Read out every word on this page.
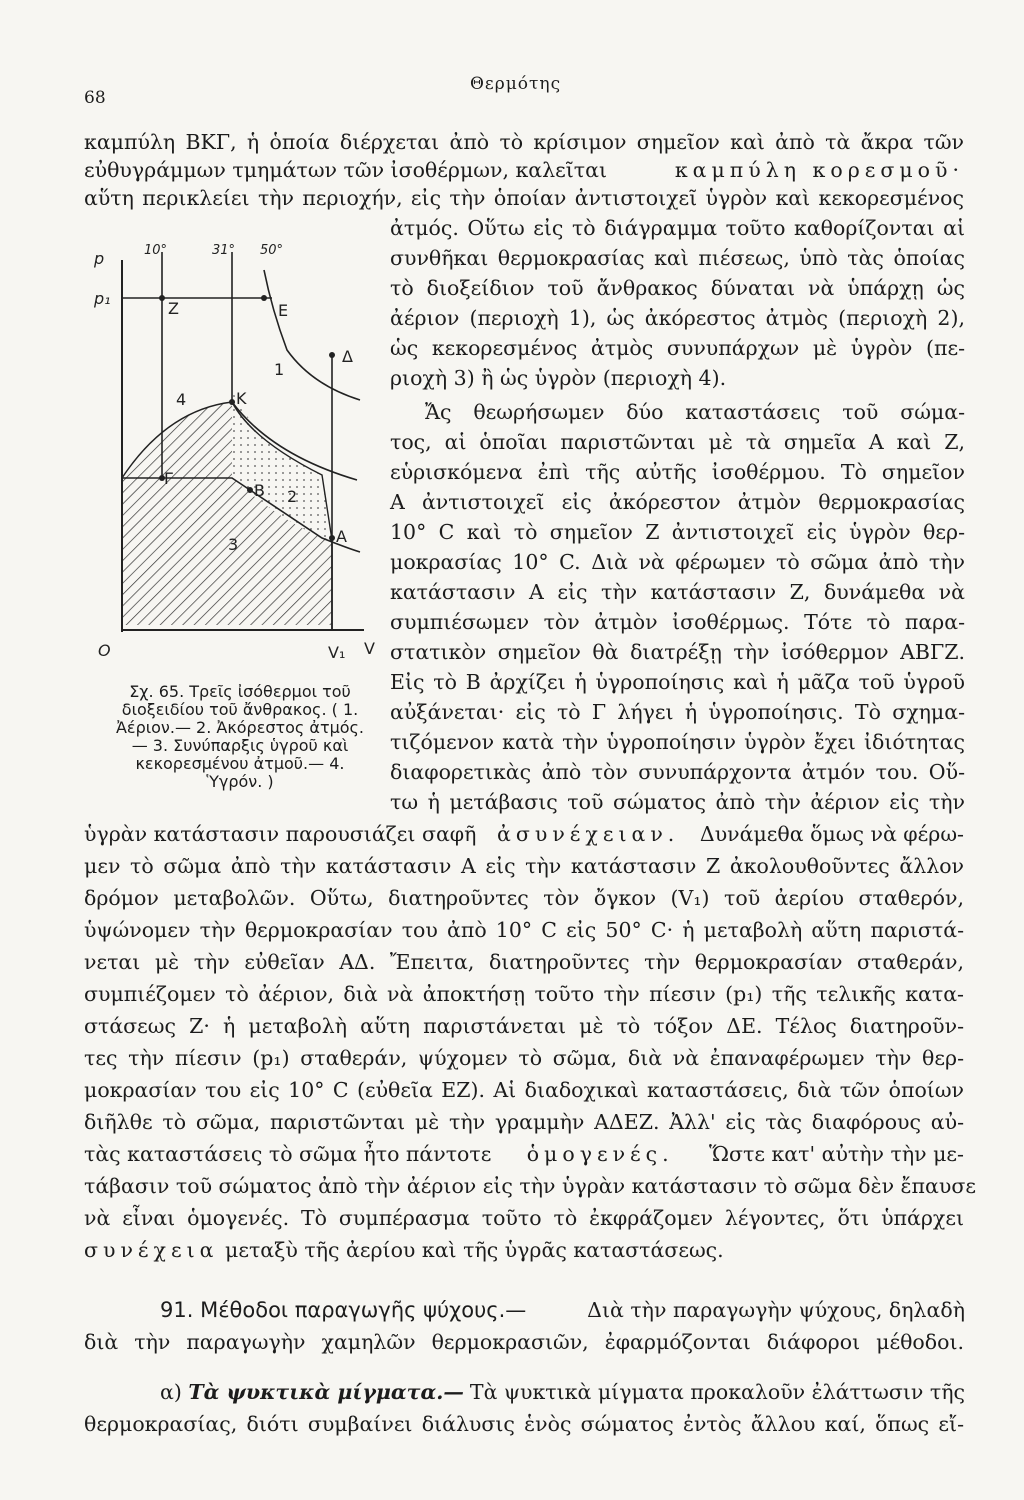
68
Θερμότης
καμπύλη ΒΚΓ, ἡ ὁποία διέρχεται ἀπὸ τὸ κρίσιμον σημεῖον καὶ ἀπὸ τὰ ἄκρα τῶν
εὐθυγράμμων τμημάτων τῶν ἰσοθέρμων, καλεῖται	καμπύλη κορεσμοῦ·
αὕτη περικλείει τὴν περιοχήν, εἰς τὴν ὁποίαν ἀντιστοιχεῖ ὑγρὸν καὶ κεκορεσμένος
p
p₁
10°	31° 50°
Z	E
Δ
1
4	K
Γ
B 2
A
3
O	V₁ V
ἀτμός. Οὕτω εἰς τὸ διάγραμμα τοῦτο καθορίζονται αἱ
συνθῆκαι θερμοκρασίας καὶ πιέσεως, ὑπὸ τὰς ὁποίας
τὸ διοξείδιον τοῦ ἄνθρακος δύναται νὰ ὑπάρχῃ ὡς
ἀέριον (περιοχὴ 1), ὡς ἀκόρεστος ἀτμὸς (περιοχὴ 2),
ὡς κεκορεσμένος ἀτμὸς συνυπάρχων μὲ ὑγρὸν (πε-
ριοχὴ 3) ἢ ὡς ὑγρὸν (περιοχὴ 4).
Ἄς θεωρήσωμεν δύο καταστάσεις τοῦ σώμα-
τος, αἱ ὁποῖαι παριστῶνται μὲ τὰ σημεῖα Α καὶ Ζ,
εὑρισκόμενα ἐπὶ τῆς αὐτῆς ἰσοθέρμου. Τὸ σημεῖον
Α ἀντιστοιχεῖ εἰς ἀκόρεστον ἀτμὸν θερμοκρασίας
10° C καὶ τὸ σημεῖον Ζ ἀντιστοιχεῖ εἰς ὑγρὸν θερ-
μοκρασίας 10° C. Διὰ νὰ φέρωμεν τὸ σῶμα ἀπὸ τὴν
κατάστασιν Α εἰς τὴν κατάστασιν Ζ, δυνάμεθα νὰ
συμπιέσωμεν τὸν ἀτμὸν ἰσοθέρμως. Τότε τὸ παρα-
στατικὸν σημεῖον θὰ διατρέξῃ τὴν ἰσόθερμον ΑΒΓΖ.
Εἰς τὸ Β ἀρχίζει ἡ ὑγροποίησις καὶ ἡ μᾶζα τοῦ ὑγροῦ
αὐξάνεται· εἰς τὸ Γ λήγει ἡ ὑγροποίησις. Τὸ σχημα-
τιζόμενον κατὰ τὴν ὑγροποίησιν ὑγρὸν ἔχει ἰδιότητας
διαφορετικὰς ἀπὸ τὸν συνυπάρχοντα ἀτμόν του. Οὕ-
τω ἡ μετάβασις τοῦ σώματος ἀπὸ τὴν ἀέριον εἰς τὴν
Σχ. 65. Τρεῖς ἰσόθερμοι τοῦ διοξειδίου τοῦ ἄνθρακος. ( 1. Ἀέριον.— 2. Ἀκόρεστος ἀτμός.— 3. Συνύπαρξις ὑγροῦ καὶ κεκορεσμένου ἀτμοῦ.— 4. Ὑγρόν. )
ὑγρὰν κατάστασιν παρουσιάζει σαφῆ ἀσυνέχειαν. Δυνάμεθα ὅμως νὰ φέρω-
μεν τὸ σῶμα ἀπὸ τὴν κατάστασιν Α εἰς τὴν κατάστασιν Ζ ἀκολουθοῦντες ἄλλον
δρόμον μεταβολῶν. Οὕτω, διατηροῦντες τὸν ὄγκον (V₁) τοῦ ἀερίου σταθερόν,
ὑψώνομεν τὴν θερμοκρασίαν του ἀπὸ 10° C εἰς 50° C· ἡ μεταβολὴ αὕτη παριστά-
νεται μὲ τὴν εὐθεῖαν ΑΔ. Ἔπειτα, διατηροῦντες τὴν θερμοκρασίαν σταθεράν,
συμπιέζομεν τὸ ἀέριον, διὰ νὰ ἀποκτήσῃ τοῦτο τὴν πίεσιν (p₁) τῆς τελικῆς κατα-
στάσεως Ζ· ἡ μεταβολὴ αὕτη παριστάνεται μὲ τὸ τόξον ΔΕ. Τέλος διατηροῦν-
τες τὴν πίεσιν (p₁) σταθεράν, ψύχομεν τὸ σῶμα, διὰ νὰ ἐπαναφέρωμεν τὴν θερ-
μοκρασίαν του εἰς 10° C (εὐθεῖα ΕΖ). Αἱ διαδοχικαὶ καταστάσεις, διὰ τῶν ὁποίων
διῆλθε τὸ σῶμα, παριστῶνται μὲ τὴν γραμμὴν ΑΔΕΖ. Ἀλλ' εἰς τὰς διαφόρους αὐ-
τὰς καταστάσεις τὸ σῶμα ἦτο πάντοτε ὁμογενές. Ὥστε κατ' αὐτὴν τὴν με-
τάβασιν τοῦ σώματος ἀπὸ τὴν ἀέριον εἰς τὴν ὑγρὰν κατάστασιν τὸ σῶμα δὲν ἔπαυσε
νὰ εἶναι ὁμογενές. Τὸ συμπέρασμα τοῦτο τὸ ἐκφράζομεν λέγοντες, ὅτι ὑπάρχει
συνέχεια μεταξὺ τῆς ἀερίου καὶ τῆς ὑγρᾶς καταστάσεως.
91. Μέθοδοι παραγωγῆς ψύχους.—	Διὰ τὴν παραγωγὴν ψύχους, δηλαδὴ
διὰ τὴν παραγωγὴν χαμηλῶν θερμοκρασιῶν, ἐφαρμόζονται διάφοροι μέθοδοι.
α) Τὰ ψυκτικὰ μίγματα.— Τὰ ψυκτικὰ μίγματα προκαλοῦν ἐλάττωσιν τῆς
θερμοκρασίας, διότι συμβαίνει διάλυσις ἑνὸς σώματος ἐντὸς ἄλλου καί, ὅπως εἴ-
